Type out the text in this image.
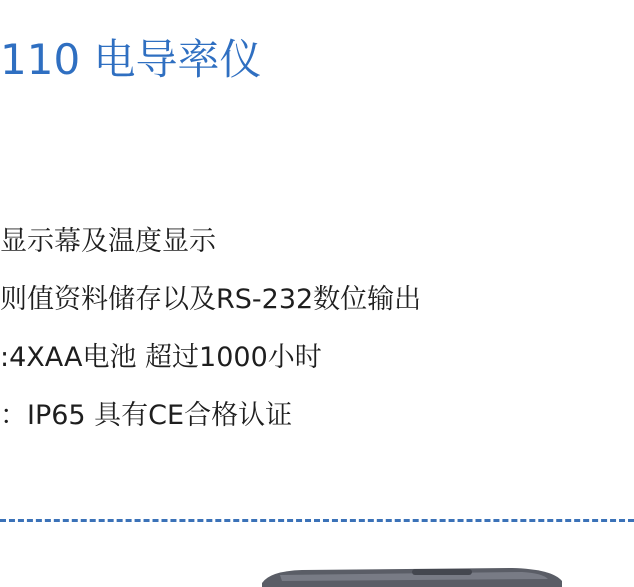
110 电导率仪
显示幕及温度显示
则值资料储存以及RS-232数位输出
:4XAA电池 超过1000小时
：IP65 具有CE合格认证
